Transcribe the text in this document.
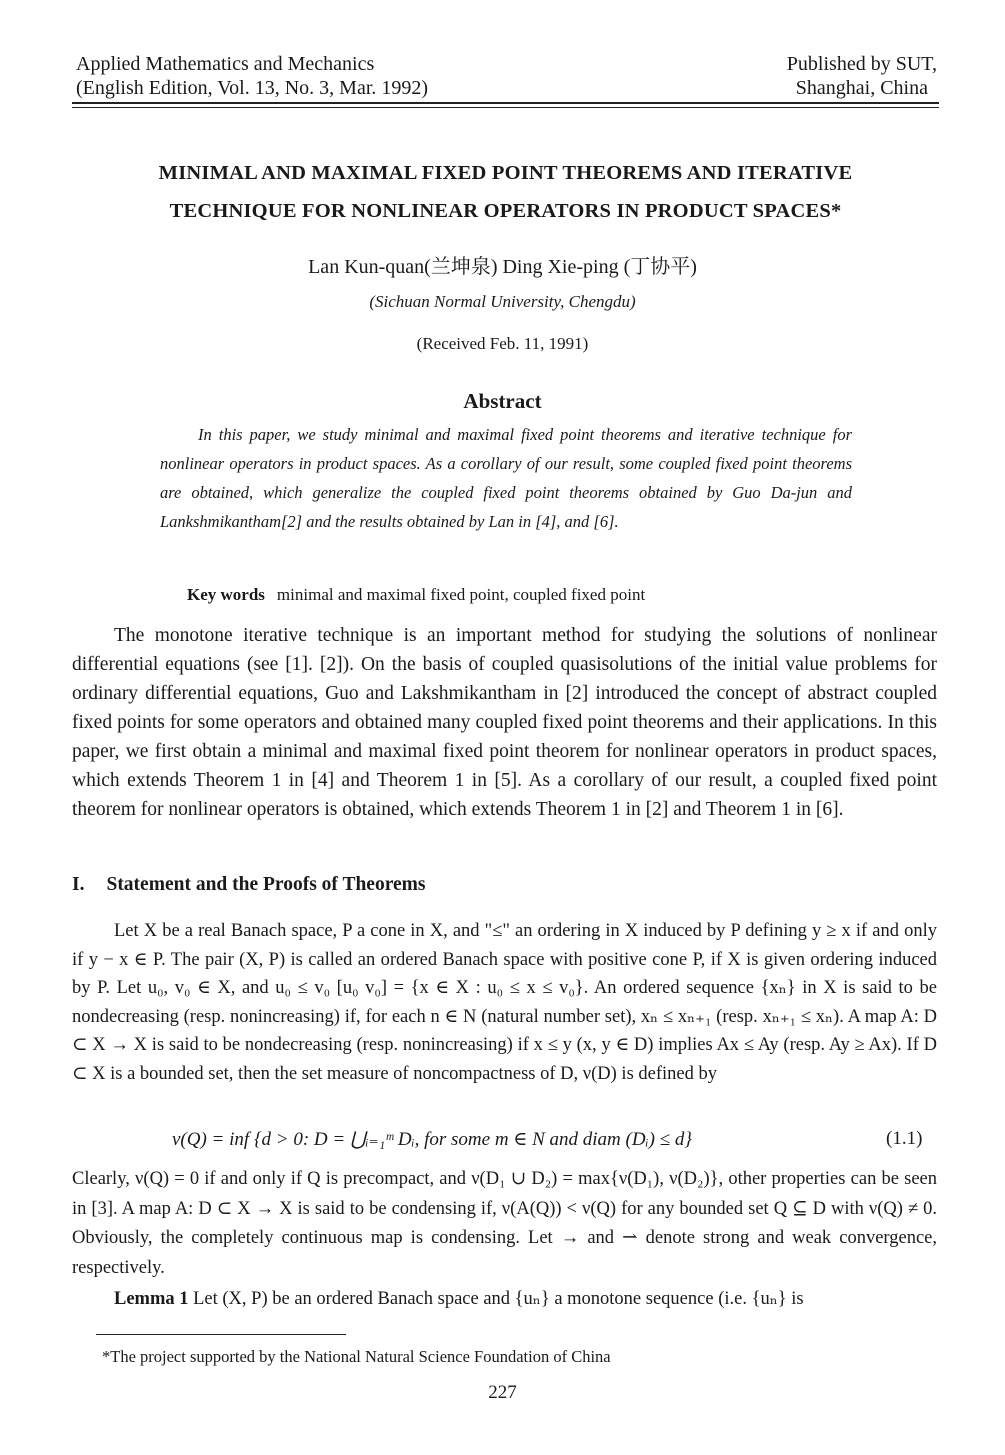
Applied Mathematics and Mechanics
(English Edition, Vol. 13, No. 3, Mar. 1992)
Published by SUT,
Shanghai, China
MINIMAL AND MAXIMAL FIXED POINT THEOREMS AND ITERATIVE
TECHNIQUE FOR NONLINEAR OPERATORS IN PRODUCT SPACES*
Lan Kun-quan(兰坤泉) Ding Xie-ping (丁协平)
(Sichuan Normal University, Chengdu)
(Received Feb. 11, 1991)
Abstract
In this paper, we study minimal and maximal fixed point theorems and iterative technique for nonlinear operators in product spaces. As a corollary of our result, some coupled fixed point theorems are obtained, which generalize the coupled fixed point theorems obtained by Guo Da-jun and Lankshmikantham[2] and the results obtained by Lan in [4], and [6].
Key words minimal and maximal fixed point, coupled fixed point
The monotone iterative technique is an important method for studying the solutions of nonlinear differential equations (see [1]. [2]). On the basis of coupled quasisolutions of the initial value problems for ordinary differential equations, Guo and Lakshmikantham in [2] introduced the concept of abstract coupled fixed points for some operators and obtained many coupled fixed point theorems and their applications. In this paper, we first obtain a minimal and maximal fixed point theorem for nonlinear operators in product spaces, which extends Theorem 1 in [4] and Theorem 1 in [5]. As a corollary of our result, a coupled fixed point theorem for nonlinear operators is obtained, which extends Theorem 1 in [2] and Theorem 1 in [6].
I. Statement and the Proofs of Theorems
Let X be a real Banach space, P a cone in X, and "≤" an ordering in X induced by P defining y ≥ x if and only if y − x ∈ P. The pair (X, P) is called an ordered Banach space with positive cone P, if X is given ordering induced by P. Let u₀, v₀ ∈ X, and u₀ ≤ v₀ [u₀ v₀] = {x ∈ X : u₀ ≤ x ≤ v₀}. An ordered sequence {xₙ} in X is said to be nondecreasing (resp. nonincreasing) if, for each n ∈ N (natural number set), xₙ ≤ xₙ₊₁ (resp. xₙ₊₁ ≤ xₙ). A map A: D ⊂ X → X is said to be nondecreasing (resp. nonincreasing) if x ≤ y (x, y ∈ D) implies Ax ≤ Ay (resp. Ay ≥ Ax). If D ⊂ X is a bounded set, then the set measure of noncompactness of D, ν(D) is defined by
ν(Q) = inf {d > 0: D = ⋃ᵢ₌₁ᵐ Dᵢ, for some m ∈ N and diam (Dᵢ) ≤ d}	(1.1)
Clearly, ν(Q) = 0 if and only if Q is precompact, and ν(D₁ ∪ D₂) = max{ν(D₁), ν(D₂)}, other properties can be seen in [3]. A map A: D ⊂ X → X is said to be condensing if, ν(A(Q)) < ν(Q) for any bounded set Q ⊆ D with ν(Q) ≠ 0. Obviously, the completely continuous map is condensing. Let → and ⇀ denote strong and weak convergence, respectively.
Lemma 1 Let (X, P) be an ordered Banach space and {uₙ} a monotone sequence (i.e. {uₙ} is
*The project supported by the National Natural Science Foundation of China
227
